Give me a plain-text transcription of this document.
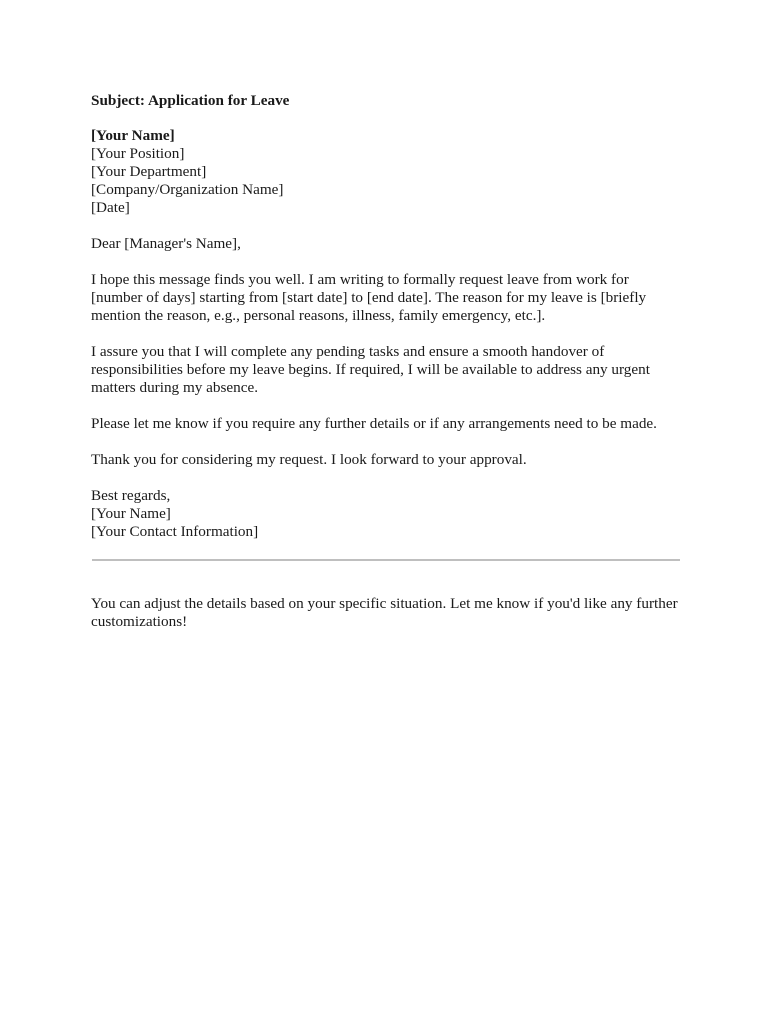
Subject: Application for Leave

[Your Name]
[Your Position]
[Your Department]
[Company/Organization Name]
[Date]

Dear [Manager's Name],

I hope this message finds you well. I am writing to formally request leave from work for [number of days] starting from [start date] to [end date]. The reason for my leave is [briefly mention the reason, e.g., personal reasons, illness, family emergency, etc.].

I assure you that I will complete any pending tasks and ensure a smooth handover of responsibilities before my leave begins. If required, I will be available to address any urgent matters during my absence.

Please let me know if you require any further details or if any arrangements need to be made.

Thank you for considering my request. I look forward to your approval.

Best regards,
[Your Name]
[Your Contact Information]

You can adjust the details based on your specific situation. Let me know if you'd like any further customizations!
